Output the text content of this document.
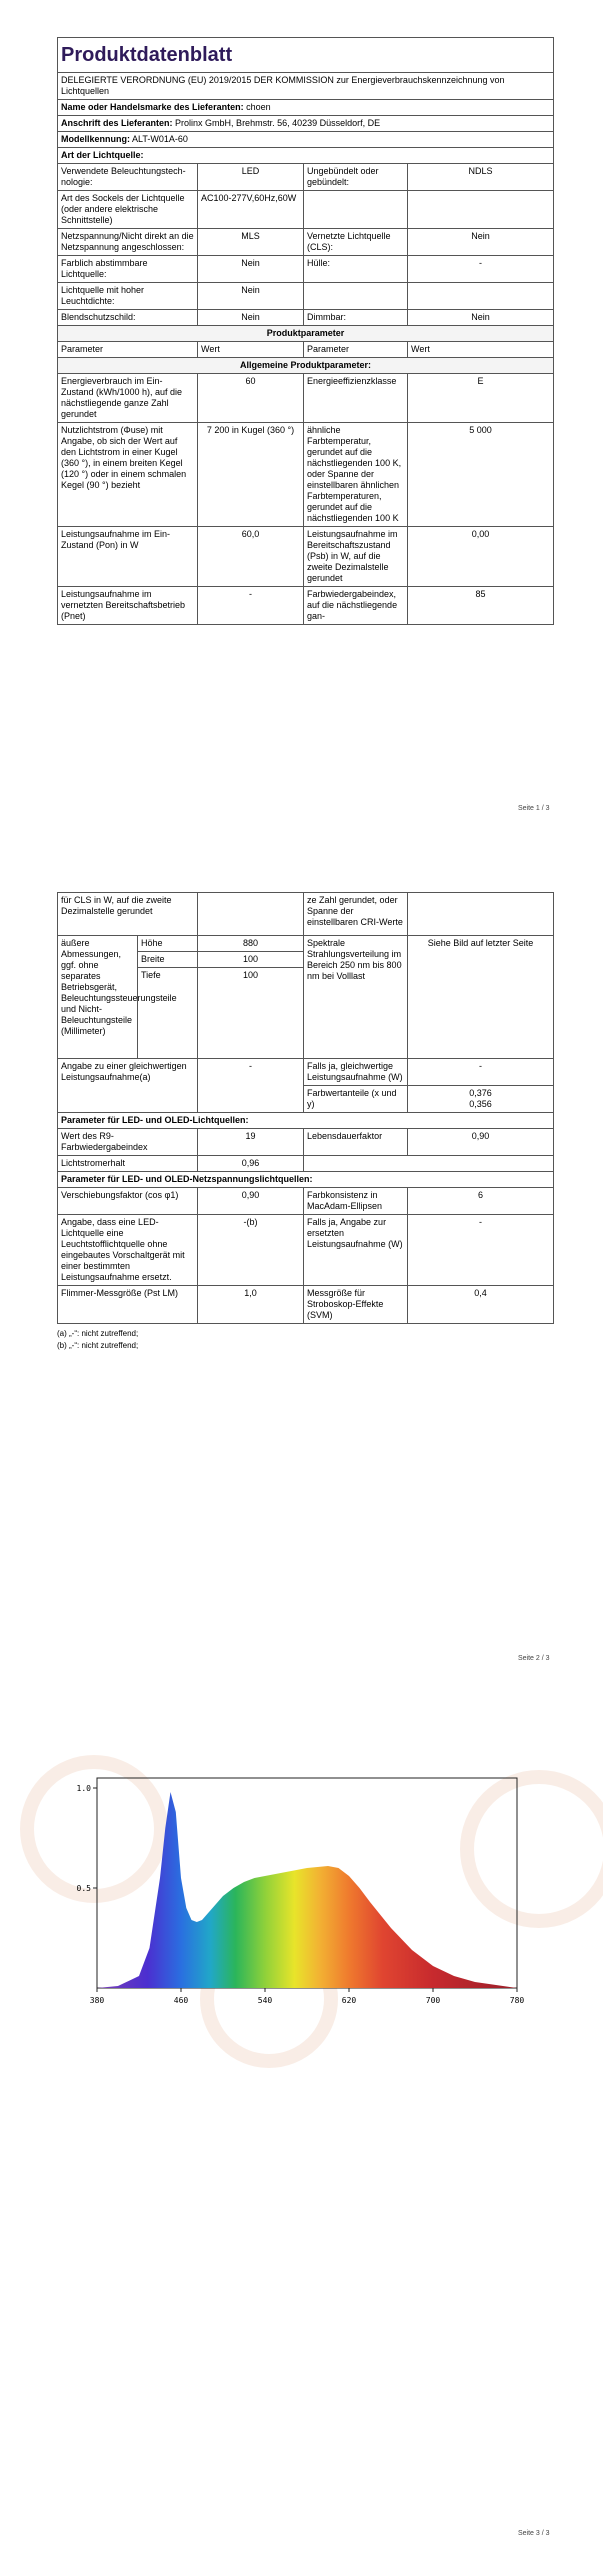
Produktdatenblatt			
DELEGIERTE VERORDNUNG (EU) 2019/2015 DER KOMMISSION zur Energieverbrauchskennzeichnung von Lichtquellen			
Name oder Handelsmarke des Lieferanten: choen			
Anschrift des Lieferanten: Prolinx GmbH, Brehmstr. 56, 40239 Düsseldorf, DE			
Modellkennung: ALT-W01A-60			
Art der Lichtquelle:			
Verwendete Beleuchtungstech-nologie:	LED	Ungebündelt oder gebündelt:	NDLS
Art des Sockels der Lichtquelle (oder andere elektrische Schnittstelle)	AC100-277V,60Hz,60W		
Netzspannung/Nicht direkt an die Netzspannung angeschlossen:	MLS	Vernetzte Lichtquelle (CLS):	Nein
Farblich abstimmbare Lichtquelle:	Nein	Hülle:	-
Lichtquelle mit hoher Leuchtdichte:	Nein		
Blendschutzschild:	Nein	Dimmbar:	Nein
Produktparameter			
Parameter	Wert	Parameter	Wert
Allgemeine Produktparameter:			
Energieverbrauch im Ein-Zustand (kWh/1000 h), auf die nächstliegende ganze Zahl gerundet	60	Energieeffizienzklasse	E
Nutzlichtstrom (Φuse) mit Angabe, ob sich der Wert auf den Lichtstrom in einer Kugel (360 °), in einem breiten Kegel (120 °) oder in einem schmalen Kegel (90 °) bezieht	7 200 in Kugel (360 °)	ähnliche Farbtemperatur, gerundet auf die nächstliegenden 100 K, oder Spanne der einstellbaren ähnlichen Farbtemperaturen, gerundet auf die nächstliegenden 100 K	5 000
Leistungsaufnahme im Ein-Zustand (Pon) in W	60,0	Leistungsaufnahme im Bereitschaftszustand (Psb) in W, auf die zweite Dezimalstelle gerundet	0,00
Leistungsaufnahme im vernetzten Bereitschaftsbetrieb (Pnet)	-	Farbwiedergabeindex, auf die nächstliegende gan-	85
Seite 1 / 3
für CLS in W, auf die zweite Dezimalstelle gerundet			ze Zahl gerundet, oder Spanne der einstellbaren CRI-Werte	
äußere Abmessungen, ggf. ohne separates Betriebsgerät, Beleuchtungssteuerungsteile und Nicht-Beleuchtungsteile (Millimeter)	Höhe	880	Spektrale Strahlungsverteilung im Bereich 250 nm bis 800 nm bei Volllast	Siehe Bild auf letzter Seite
	Breite	100		
	Tiefe	100		
Angabe zu einer gleichwertigen Leistungsaufnahme(a)		-	Falls ja, gleichwertige Leistungsaufnahme (W)	-
			Farbwertanteile (x und y)	0,376
0,356

Parameter für LED- und OLED-Lichtquellen:				
Wert des R9-Farbwiedergabeindex		19	Lebensdauerfaktor	0,90
Lichtstromerhalt		0,96		
Parameter für LED- und OLED-Netzspannungslichtquellen:				
Verschiebungsfaktor (cos φ1)		0,90	Farbkonsistenz in MacAdam-Ellipsen	6
Angabe, dass eine LED-Lichtquelle eine Leuchtstofflichtquelle ohne eingebautes Vorschaltgerät mit einer bestimmten Leistungsaufnahme ersetzt.		-(b)	Falls ja, Angabe zur ersetzten Leistungsaufnahme (W)	-
Flimmer-Messgröße (Pst LM)		1,0	Messgröße für Stroboskop-Effekte (SVM)	0,4
(a) „-“: nicht zutreffend;
(b) „-“: nicht zutreffend;
Seite 2 / 3
Seite 3 / 3
380	460	540	620	700	780
0.5
1.0
